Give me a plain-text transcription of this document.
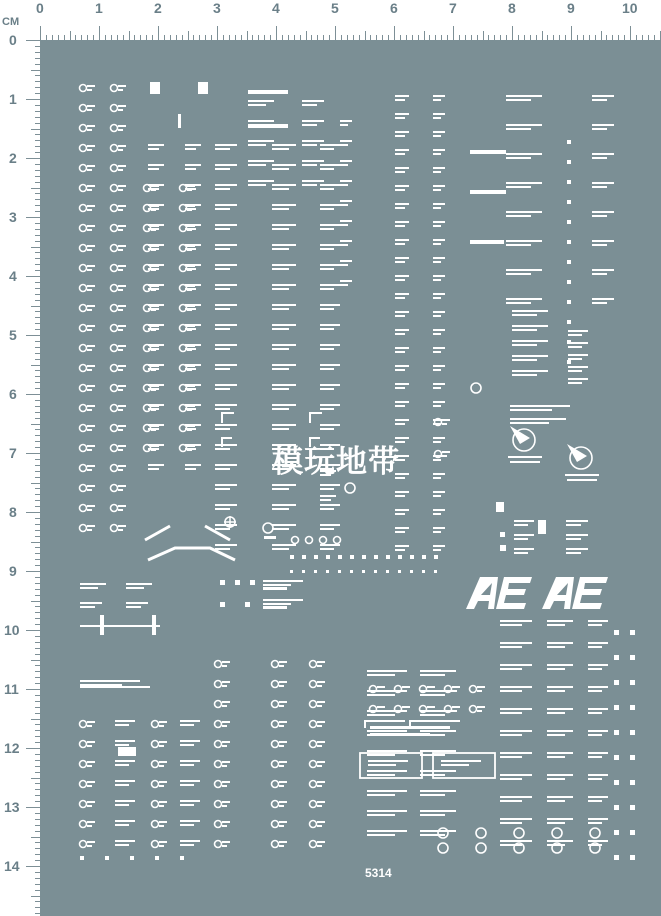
CM
0	1	2	3	4	5	6	7	8	9	10
0
1
2
3
4
5
6
7
8
9
10
11
12
13
14
模玩地带
5314
